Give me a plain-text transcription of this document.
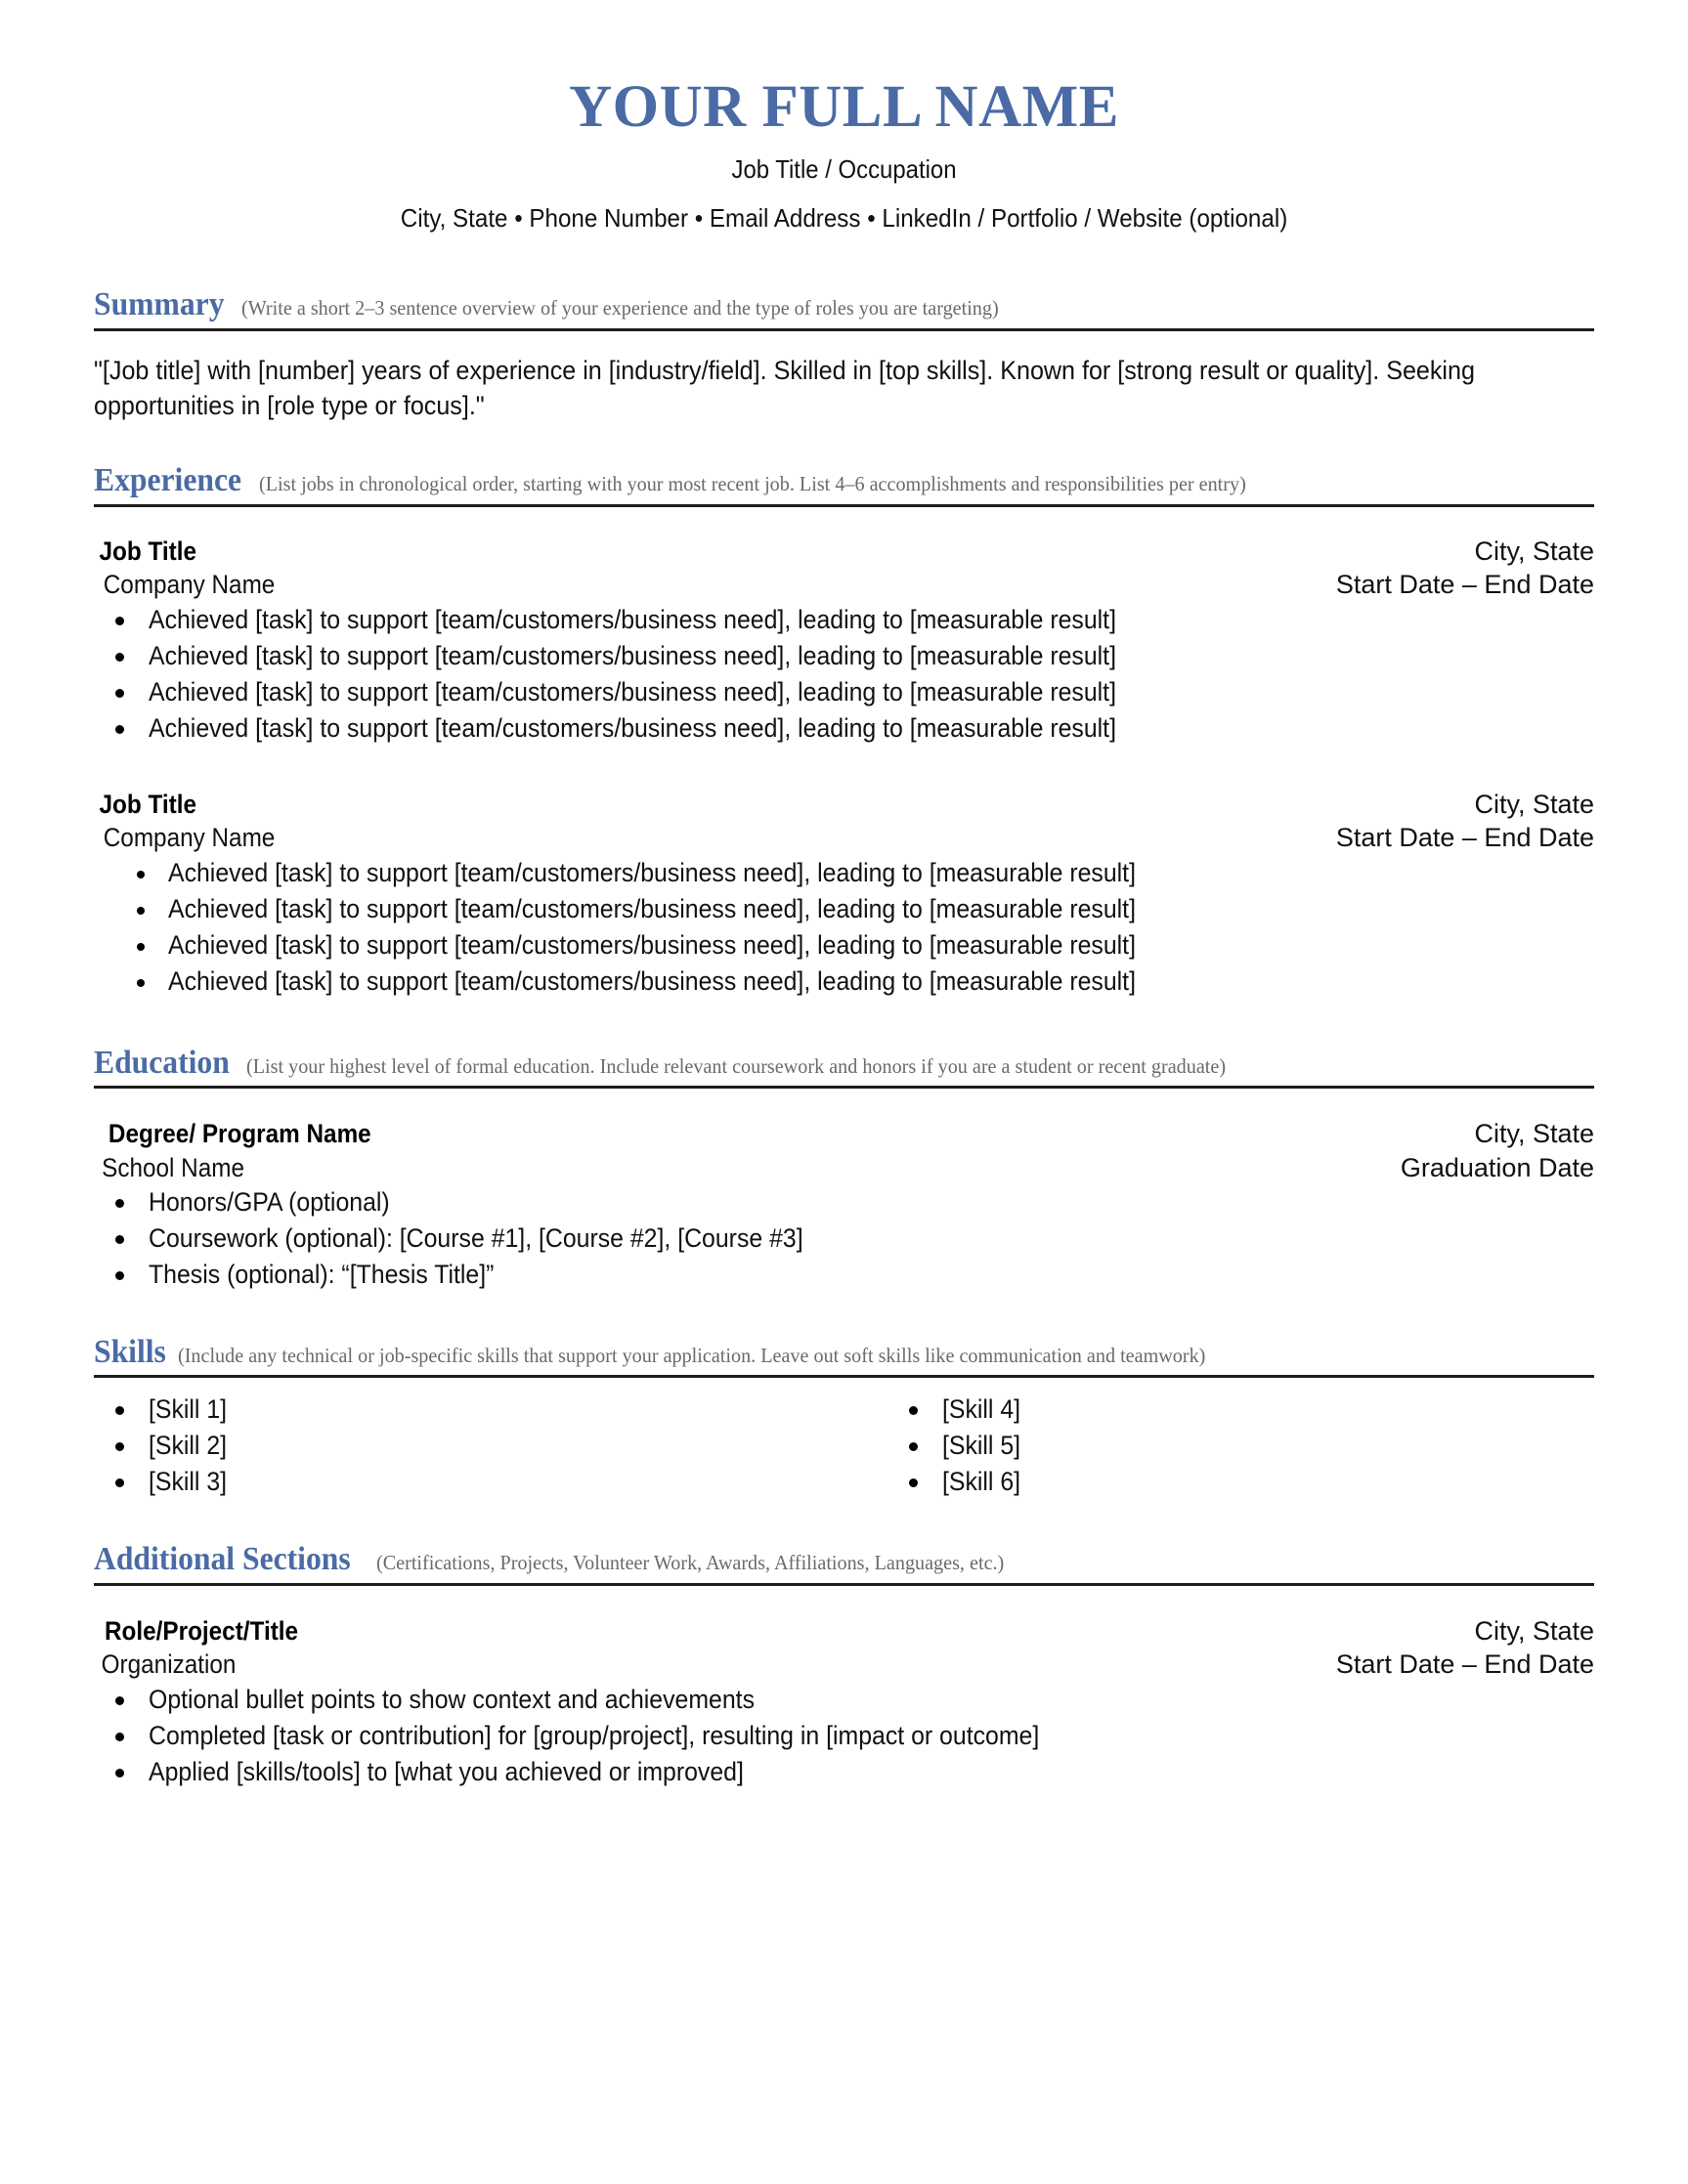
YOUR FULL NAME
Job Title / Occupation
City, State • Phone Number • Email Address • LinkedIn / Portfolio / Website (optional)
Summary (Write a short 2–3 sentence overview of your experience and the type of roles you are targeting)
"[Job title] with [number] years of experience in [industry/field]. Skilled in [top skills]. Known for [strong result or quality]. Seeking opportunities in [role type or focus]."
Experience (List jobs in chronological order, starting with your most recent job. List 4–6 accomplishments and responsibilities per entry)
Job Title	City, State
Company Name	Start Date – End Date
Achieved [task] to support [team/customers/business need], leading to [measurable result]
Achieved [task] to support [team/customers/business need], leading to [measurable result]
Achieved [task] to support [team/customers/business need], leading to [measurable result]
Achieved [task] to support [team/customers/business need], leading to [measurable result]
Job Title	City, State
Company Name	Start Date – End Date
Achieved [task] to support [team/customers/business need], leading to [measurable result]
Achieved [task] to support [team/customers/business need], leading to [measurable result]
Achieved [task] to support [team/customers/business need], leading to [measurable result]
Achieved [task] to support [team/customers/business need], leading to [measurable result]
Education (List your highest level of formal education. Include relevant coursework and honors if you are a student or recent graduate)
Degree/ Program Name	City, State
School Name	Graduation Date
Honors/GPA (optional)
Coursework (optional): [Course #1], [Course #2], [Course #3]
Thesis (optional): “[Thesis Title]”
Skills (Include any technical or job-specific skills that support your application. Leave out soft skills like communication and teamwork)
[Skill 1]
[Skill 2]
[Skill 3]
[Skill 4]
[Skill 5]
[Skill 6]
Additional Sections (Certifications, Projects, Volunteer Work, Awards, Affiliations, Languages, etc.)
Role/Project/Title	City, State
Organization	Start Date – End Date
Optional bullet points to show context and achievements
Completed [task or contribution] for [group/project], resulting in [impact or outcome]
Applied [skills/tools] to [what you achieved or improved]
